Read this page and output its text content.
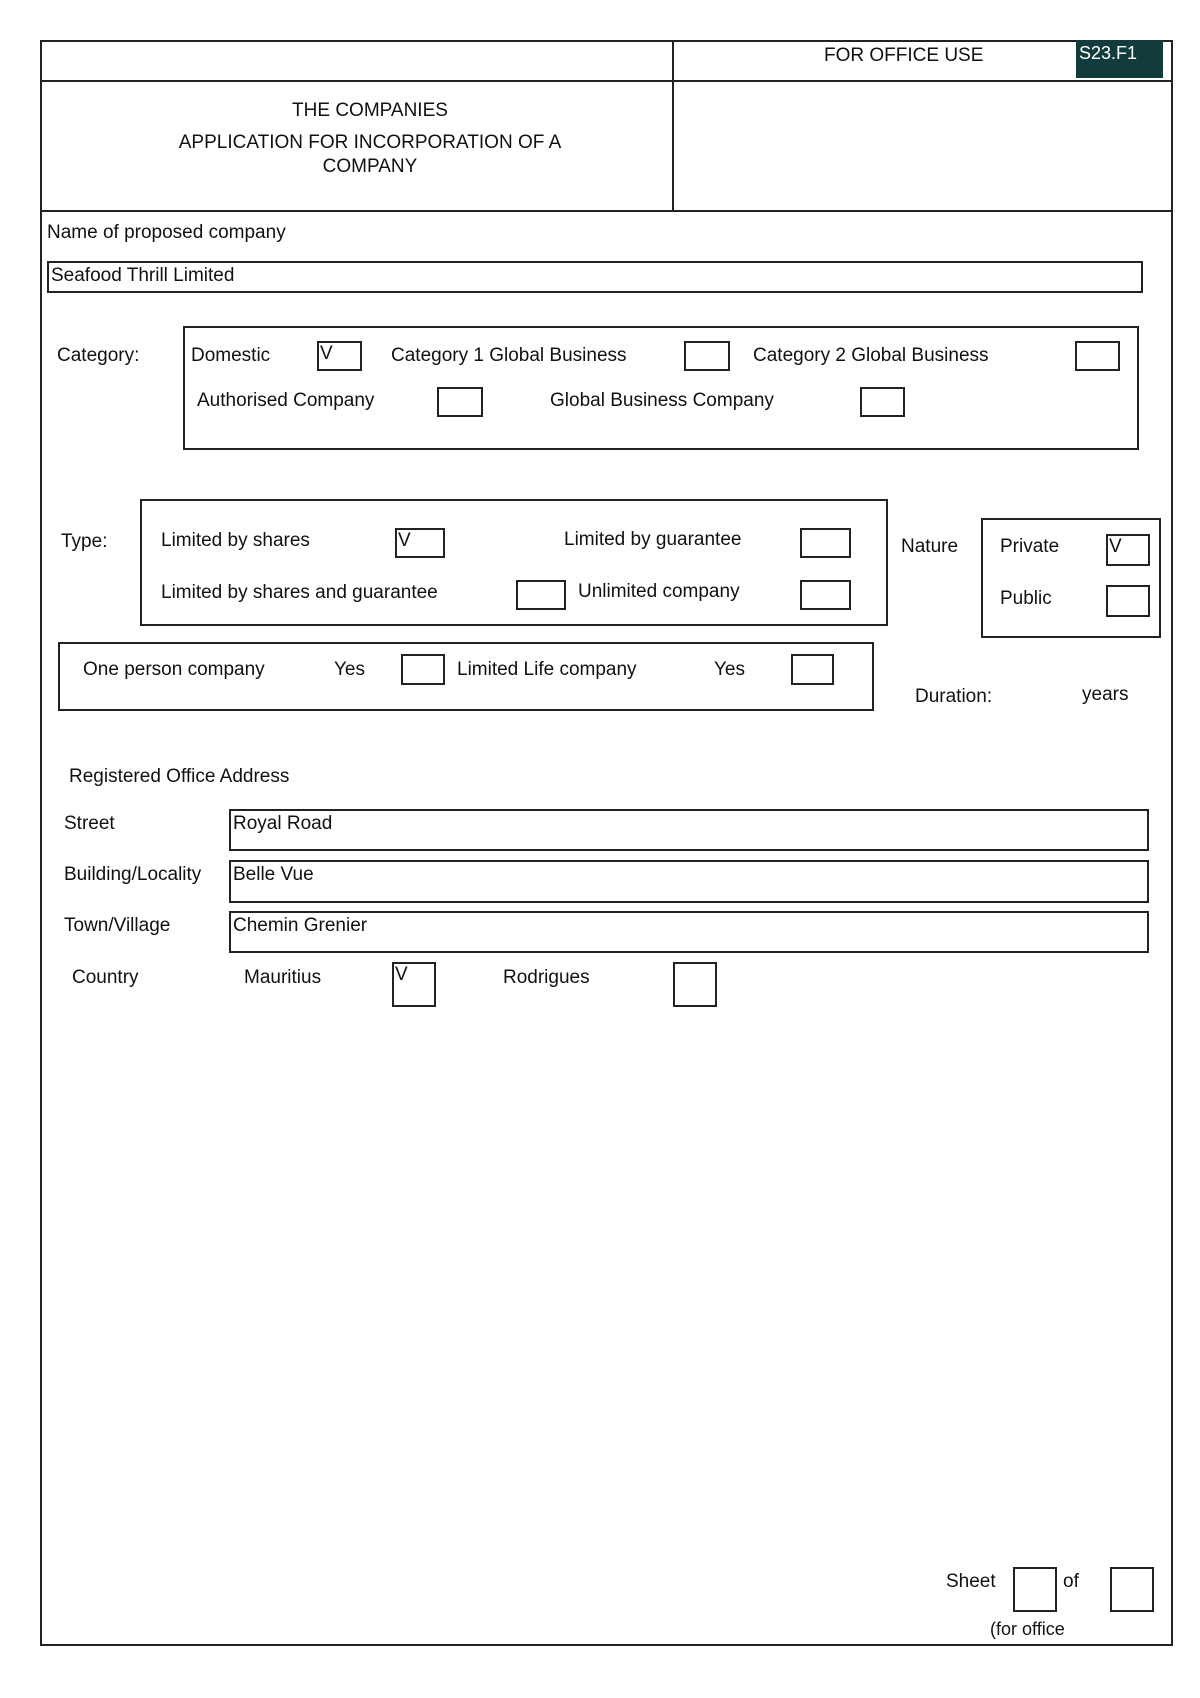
FOR OFFICE USE	S23.F1
THE COMPANIES
APPLICATION FOR INCORPORATION OF A
COMPANY
Name of proposed company
Seafood Thrill Limited
Category:	Domestic	V	Category 1 Global Business	Category 2 Global Business
Authorised Company	Global Business Company
Type:	Limited by shares	V	Limited by guarantee
Limited by shares and guarantee	Unlimited company
Nature Private	V
Public
One person company	Yes	Limited Life company	Yes
Duration:	years
Registered Office Address
Street	Royal Road
Building/Locality Belle Vue
Town/Village	Chemin Grenier
Country	Mauritius	V	Rodrigues
Sheet	of
(for office
